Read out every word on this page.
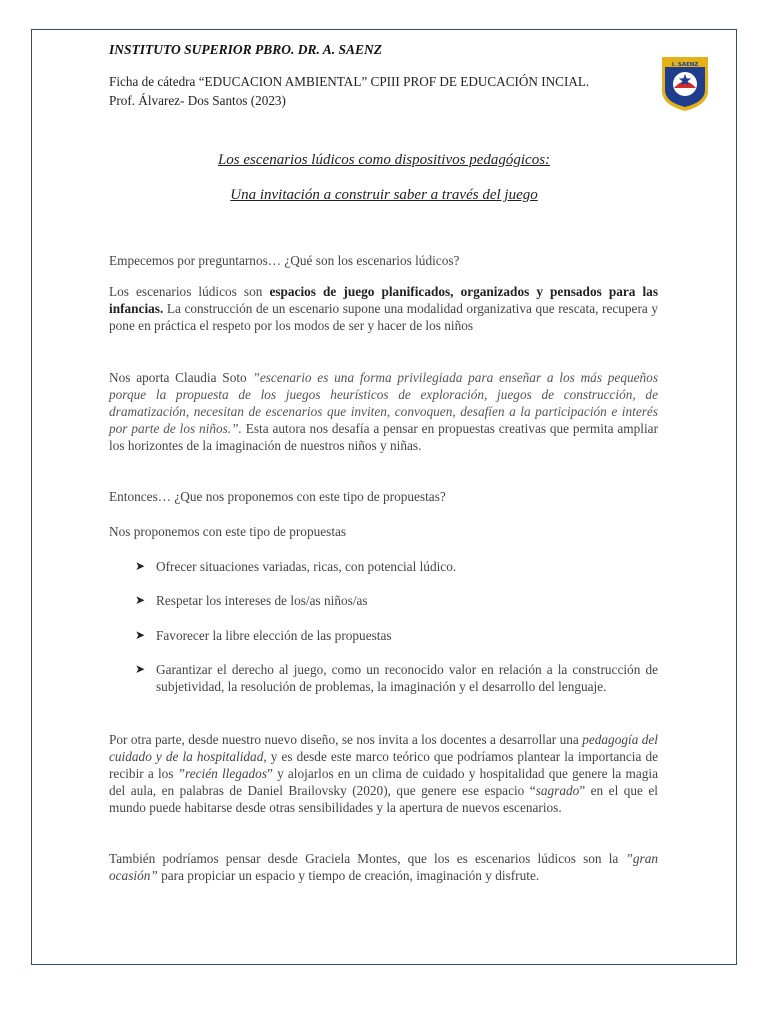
INSTITUTO SUPERIOR PBRO. DR. A. SAENZ
Ficha de cátedra “EDUCACION AMBIENTAL” CPIII PROF DE EDUCACIÓN INCIAL.
Prof. Álvarez- Dos Santos (2023)
I. SAENZ
Los escenarios lúdicos como dispositivos pedagógicos:
Una invitación a construir saber a través del juego
Empecemos por preguntarnos… ¿Qué son los escenarios lúdicos?
Los escenarios lúdicos son espacios de juego planificados, organizados y pensados para las infancias. La construcción de un escenario supone una modalidad organizativa que rescata, recupera y pone en práctica el respeto por los modos de ser y hacer de los niños
Nos aporta Claudia Soto ”escenario es una forma privilegiada para enseñar a los más pequeños porque la propuesta de los juegos heurísticos de exploración, juegos de construcción, de dramatización, necesitan de escenarios que inviten, convoquen, desafíen a la participación e interés por parte de los niños.”. Esta autora nos desafía a pensar en propuestas creativas que permita ampliar los horizontes de la imaginación de nuestros niños y niñas.
Entonces… ¿Que nos proponemos con este tipo de propuestas?
Nos proponemos con este tipo de propuestas
➤ Ofrecer situaciones variadas, ricas, con potencial lúdico.
➤ Respetar los intereses de los/as niños/as
➤ Favorecer la libre elección de las propuestas
➤ Garantizar el derecho al juego, como un reconocido valor en relación a la construcción de subjetividad, la resolución de problemas, la imaginación y el desarrollo del lenguaje.
Por otra parte, desde nuestro nuevo diseño, se nos invita a los docentes a desarrollar una pedagogía del cuidado y de la hospitalidad, y es desde este marco teórico que podríamos plantear la importancia de recibir a los ”recién llegados” y alojarlos en un clima de cuidado y hospitalidad que genere la magia del aula, en palabras de Daniel Brailovsky (2020), que genere ese espacio “sagrado” en el que el mundo puede habitarse desde otras sensibilidades y la apertura de nuevos escenarios.
También podríamos pensar desde Graciela Montes, que los es escenarios lúdicos son la ”gran ocasión” para propiciar un espacio y tiempo de creación, imaginación y disfrute.
